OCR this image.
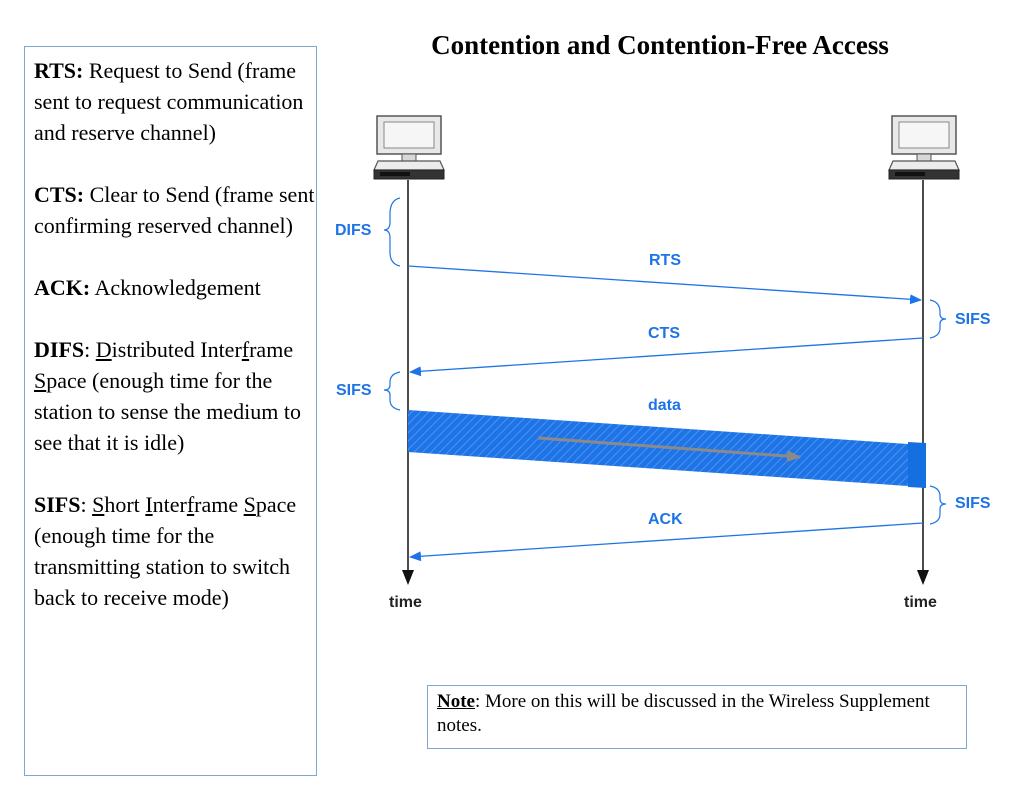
Contention and Contention-Free Access
RTS: Request to Send (frame sent to request communication and reserve channel)
CTS: Clear to Send (frame sent confirming reserved channel)
ACK: Acknowledgement
DIFS: Distributed Interframe Space (enough time for the station to sense the medium to see that it is idle)
SIFS: Short Interframe Space (enough time for the transmitting station to switch back to receive mode)
DIFS
RTS
SIFS
CTS
SIFS
data
SIFS
ACK
time	time
Note: More on this will be discussed in the Wireless Supplement notes.
